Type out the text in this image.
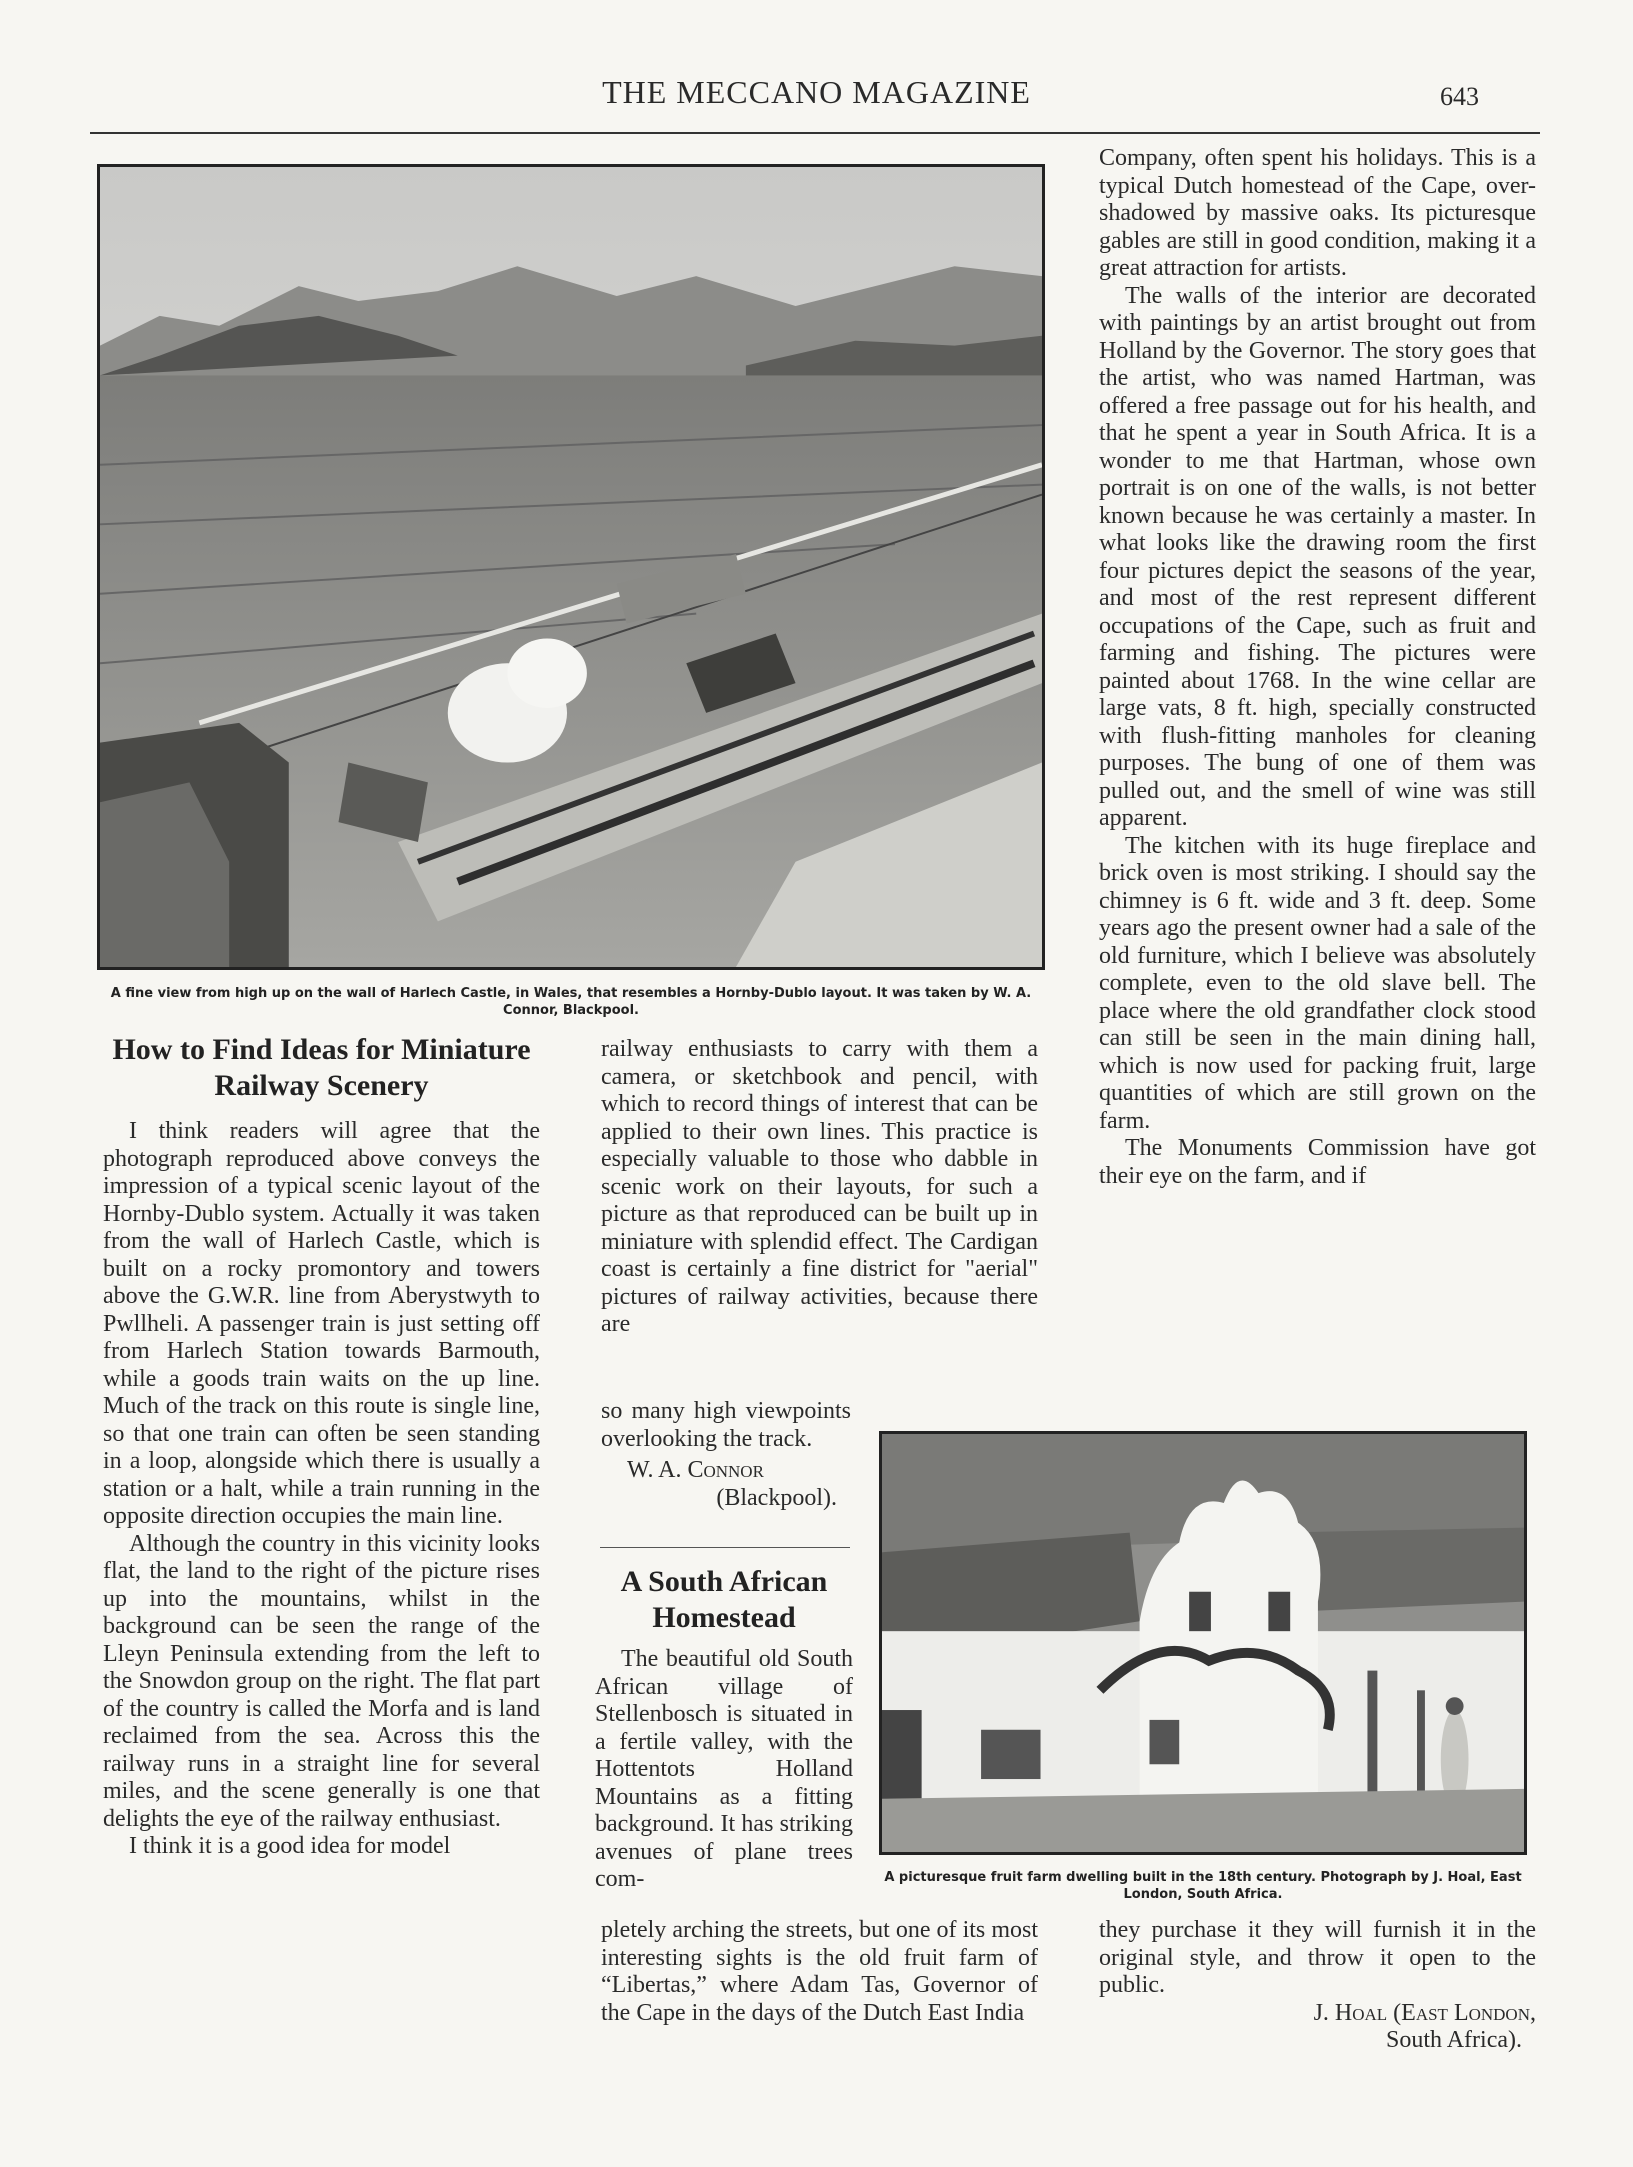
THE MECCANO MAGAZINE	643
A fine view from high up on the wall of Harlech Castle, in Wales, that resembles a Hornby-Dublo layout. It was taken by W. A. Connor, Blackpool.
How to Find Ideas for Miniature Railway Scenery

I think readers will agree that the photograph reproduced above conveys the impression of a typical scenic layout of the Hornby-Dublo system. Actually it was taken from the wall of Harlech Castle, which is built on a rocky promontory and towers above the G.W.R. line from Aberystwyth to Pwllheli. A passenger train is just setting off from Harlech Station towards Barmouth, while a goods train waits on the up line. Much of the track on this route is single line, so that one train can often be seen standing in a loop, alongside which there is usually a station or a halt, while a train running in the opposite direction occupies the main line.

Although the country in this vicinity looks flat, the land to the right of the picture rises up into the mountains, whilst in the background can be seen the range of the Lleyn Peninsula extending from the left to the Snowdon group on the right. The flat part of the country is called the Morfa and is land reclaimed from the sea. Across this the railway runs in a straight line for several miles, and the scene generally is one that delights the eye of the railway enthusiast.

I think it is a good idea for model

railway enthusiasts to carry with them a camera, or sketchbook and pencil, with which to record things of interest that can be applied to their own lines. This practice is especially valuable to those who dabble in scenic work on their layouts, for such a picture as that reproduced can be built up in miniature with splendid effect. The Cardigan coast is certainly a fine district for "aerial" pictures of railway activities, because there are

so many high viewpoints overlooking the track.

W. A. Connor
(Blackpool).
A South African Homestead

The beautiful old South African village of Stellenbosch is situated in a fertile valley, with the Hottentots Holland Mountains as a fitting background. It has striking avenues of plane trees com-

pletely arching the streets, but one of its most interesting sights is the old fruit farm of “Libertas,” where Adam Tas, Governor of the Cape in the days of the Dutch East India

Company, often spent his holidays. This is a typical Dutch homestead of the Cape, over-shadowed by massive oaks. Its picturesque gables are still in good condition, making it a great attraction for artists.

The walls of the interior are decorated with paintings by an artist brought out from Holland by the Governor. The story goes that the artist, who was named Hartman, was offered a free passage out for his health, and that he spent a year in South Africa. It is a wonder to me that Hartman, whose own portrait is on one of the walls, is not better known because he was certainly a master. In what looks like the drawing room the first four pictures depict the seasons of the year, and most of the rest represent different occupations of the Cape, such as fruit and farming and fishing. The pictures were painted about 1768. In the wine cellar are large vats, 8 ft. high, specially constructed with flush-fitting manholes for cleaning purposes. The bung of one of them was pulled out, and the smell of wine was still apparent.

The kitchen with its huge fireplace and brick oven is most striking. I should say the chimney is 6 ft. wide and 3 ft. deep. Some years ago the present owner had a sale of the old furniture, which I believe was absolutely complete, even to the old slave bell. The place where the old grandfather clock stood can still be seen in the main dining hall, which is now used for packing fruit, large quantities of which are still grown on the farm.

The Monuments Commission have got their eye on the farm, and if

A picturesque fruit farm dwelling built in the 18th century. Photograph by J. Hoal, East London, South Africa.

they purchase it they will furnish it in the original style, and throw it open to the public.

J. Hoal (East London,
South Africa).
